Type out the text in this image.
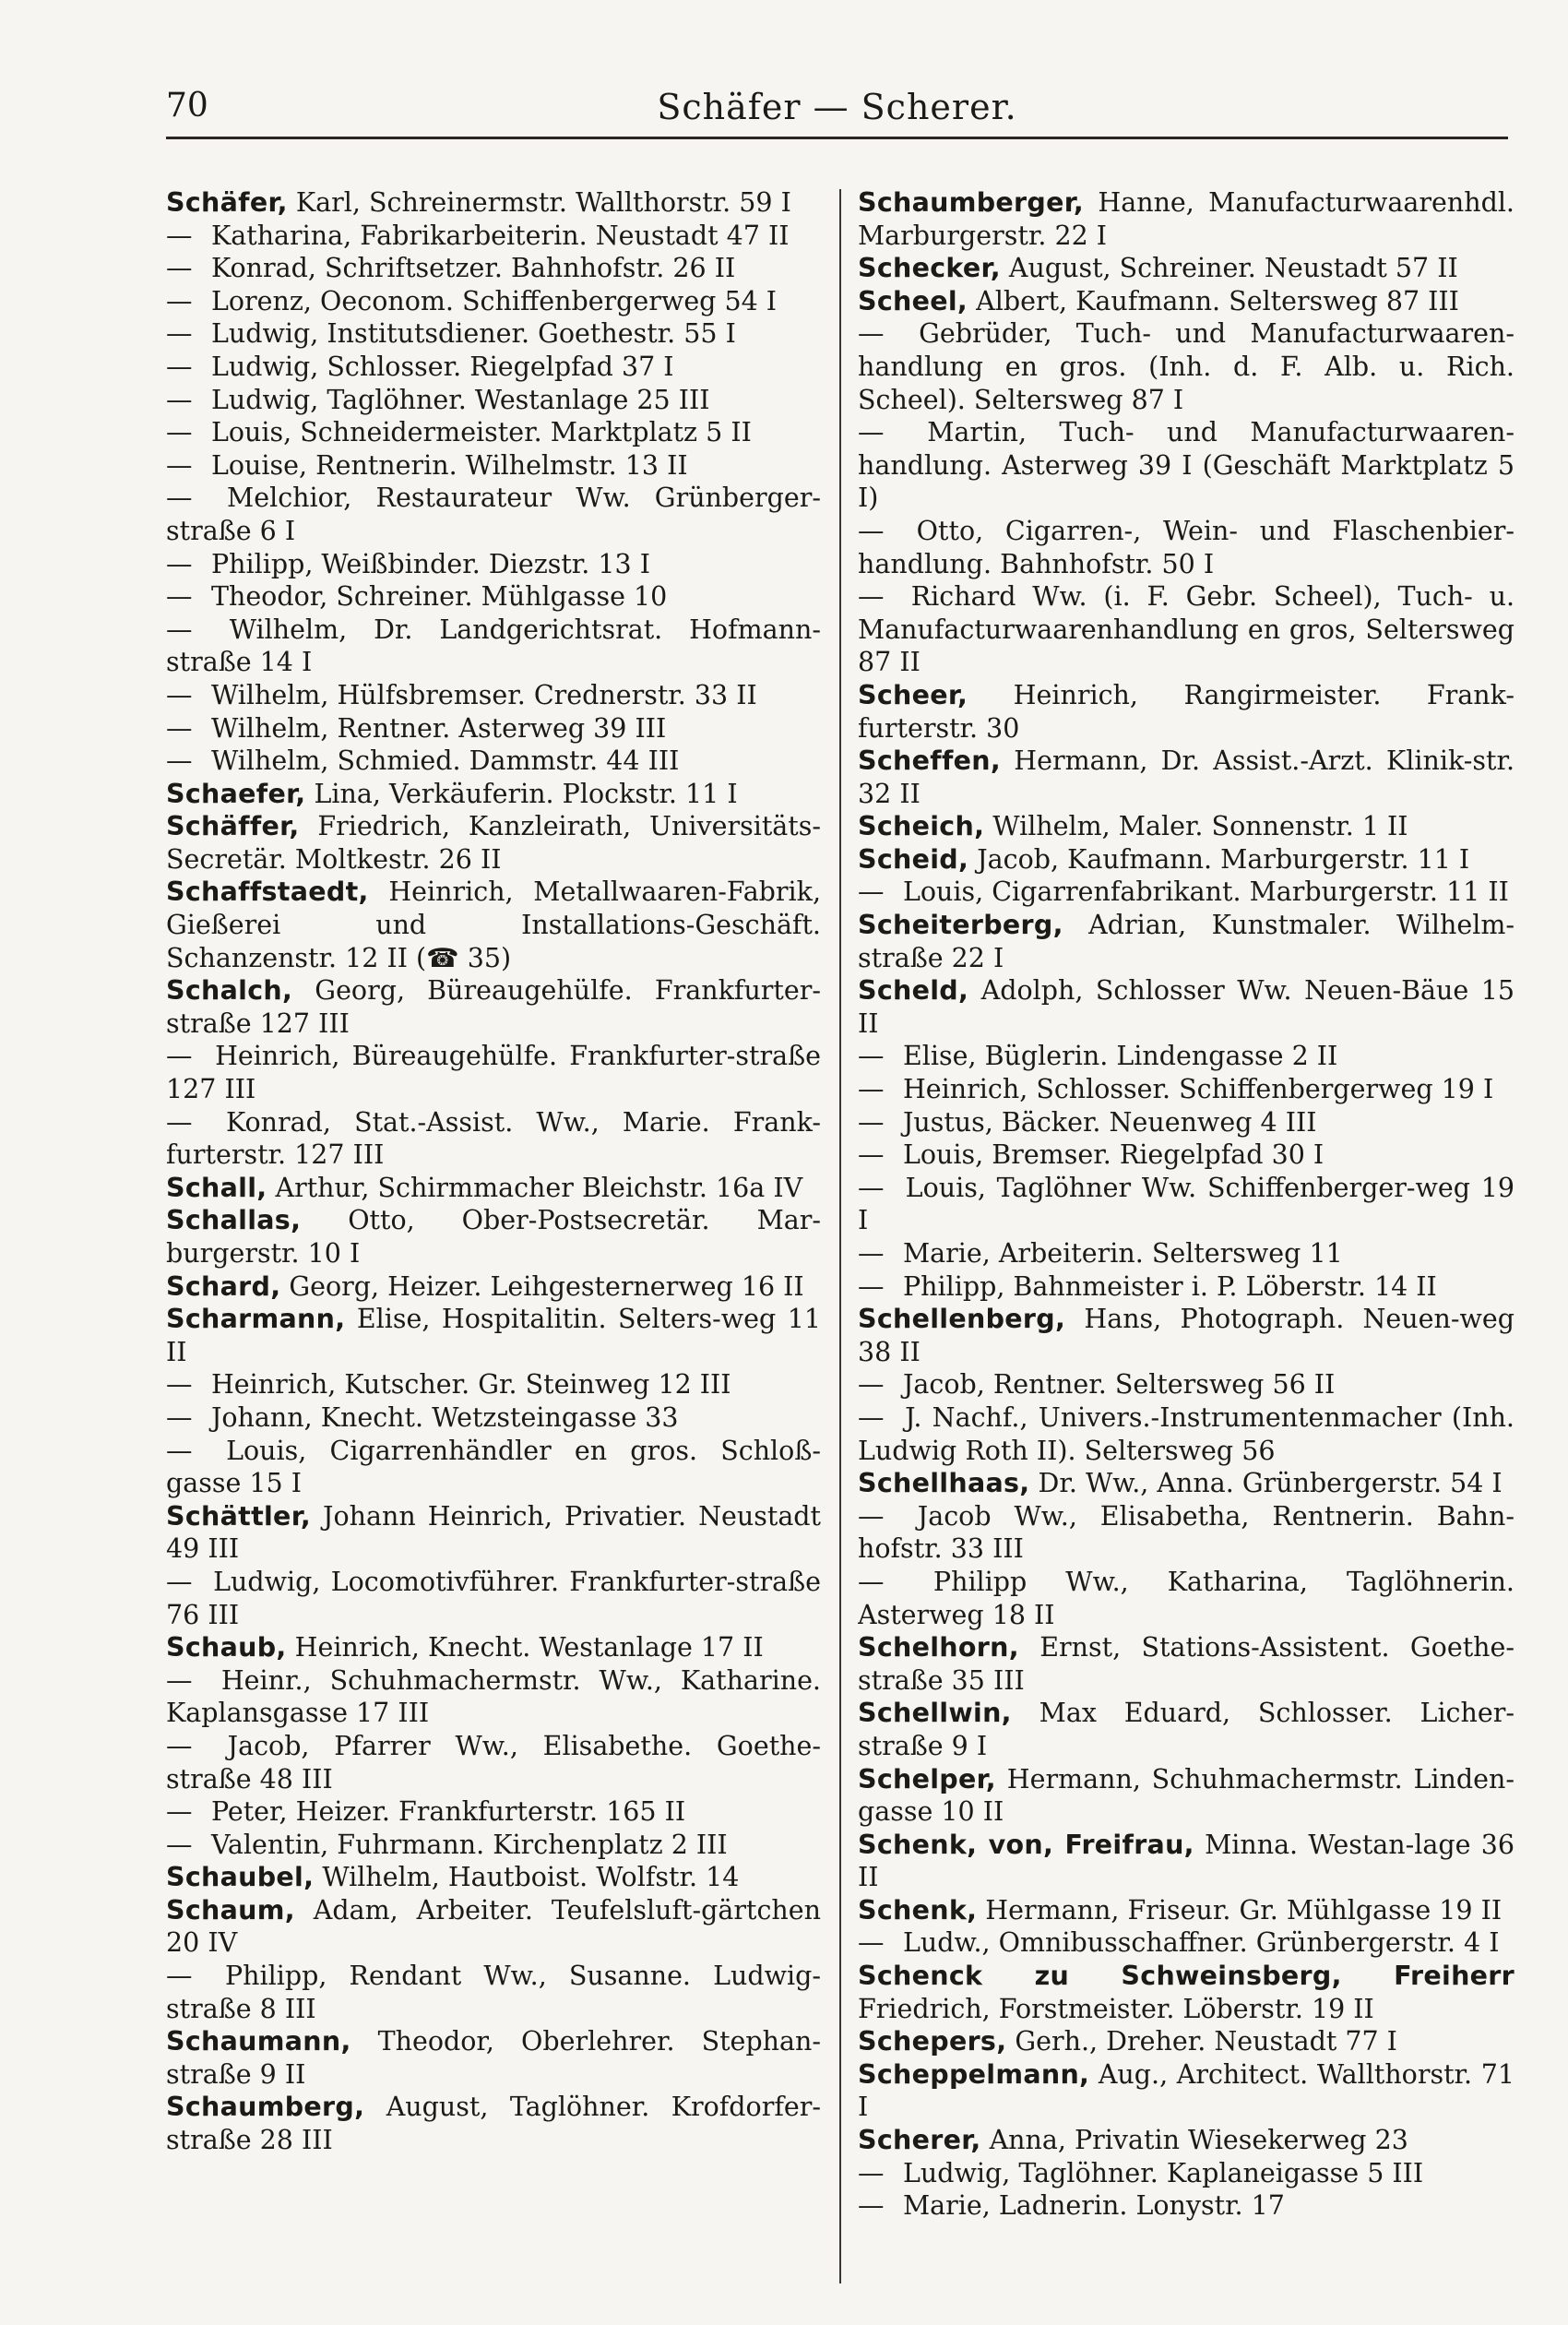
70	Schäfer — Scherer.

Schäfer, Karl, Schreinermstr. Wallthorstr. 59 I

— Katharina, Fabrikarbeiterin. Neustadt 47 II

— Konrad, Schriftsetzer. Bahnhofstr. 26 II

— Lorenz, Oeconom. Schiffenbergerweg 54 I

— Ludwig, Institutsdiener. Goethestr. 55 I

— Ludwig, Schlosser. Riegelpfad 37 I

— Ludwig, Taglöhner. Westanlage 25 III

— Louis, Schneidermeister. Marktplatz 5 II

— Louise, Rentnerin. Wilhelmstr. 13 II

— Melchior, Restaurateur Ww. Grünberger-straße 6 I

— Philipp, Weißbinder. Diezstr. 13 I

— Theodor, Schreiner. Mühlgasse 10

— Wilhelm, Dr. Landgerichtsrat. Hofmann-straße 14 I

— Wilhelm, Hülfsbremser. Crednerstr. 33 II

— Wilhelm, Rentner. Asterweg 39 III

— Wilhelm, Schmied. Dammstr. 44 III

Schaefer, Lina, Verkäuferin. Plockstr. 11 I

Schäffer, Friedrich, Kanzleirath, Universitäts-Secretär. Moltkestr. 26 II

Schaffstaedt, Heinrich, Metallwaaren-Fabrik, Gießerei und Installations-Geschäft. Schanzenstr. 12 II (☎ 35)

Schalch, Georg, Büreaugehülfe. Frankfurter-straße 127 III

— Heinrich, Büreaugehülfe. Frankfurter-straße 127 III

— Konrad, Stat.-Assist. Ww., Marie. Frank-furterstr. 127 III

Schall, Arthur, Schirmmacher Bleichstr. 16a IV

Schallas, Otto, Ober-Postsecretär. Mar-burgerstr. 10 I

Schard, Georg, Heizer. Leihgesternerweg 16 II

Scharmann, Elise, Hospitalitin. Selters-weg 11 II

— Heinrich, Kutscher. Gr. Steinweg 12 III

— Johann, Knecht. Wetzsteingasse 33

— Louis, Cigarrenhändler en gros. Schloß-gasse 15 I

Schättler, Johann Heinrich, Privatier. Neustadt 49 III

— Ludwig, Locomotivführer. Frankfurter-straße 76 III

Schaub, Heinrich, Knecht. Westanlage 17 II

— Heinr., Schuhmachermstr. Ww., Katharine. Kaplansgasse 17 III

— Jacob, Pfarrer Ww., Elisabethe. Goethe-straße 48 III

— Peter, Heizer. Frankfurterstr. 165 II

— Valentin, Fuhrmann. Kirchenplatz 2 III

Schaubel, Wilhelm, Hautboist. Wolfstr. 14

Schaum, Adam, Arbeiter. Teufelsluft-gärtchen 20 IV

— Philipp, Rendant Ww., Susanne. Ludwig-straße 8 III

Schaumann, Theodor, Oberlehrer. Stephan-straße 9 II

Schaumberg, August, Taglöhner. Krofdorfer-straße 28 III

Schaumberger, Hanne, Manufacturwaarenhdl. Marburgerstr. 22 I

Schecker, August, Schreiner. Neustadt 57 II

Scheel, Albert, Kaufmann. Seltersweg 87 III

— Gebrüder, Tuch- und Manufacturwaaren-handlung en gros. (Inh. d. F. Alb. u. Rich. Scheel). Seltersweg 87 I

— Martin, Tuch- und Manufacturwaaren-handlung. Asterweg 39 I (Geschäft Marktplatz 5 I)

— Otto, Cigarren-, Wein- und Flaschenbier-handlung. Bahnhofstr. 50 I

— Richard Ww. (i. F. Gebr. Scheel), Tuch- u. Manufacturwaarenhandlung en gros, Seltersweg 87 II

Scheer, Heinrich, Rangirmeister. Frank-furterstr. 30

Scheffen, Hermann, Dr. Assist.-Arzt. Klinik-str. 32 II

Scheich, Wilhelm, Maler. Sonnenstr. 1 II

Scheid, Jacob, Kaufmann. Marburgerstr. 11 I

— Louis, Cigarrenfabrikant. Marburgerstr. 11 II

Scheiterberg, Adrian, Kunstmaler. Wilhelm-straße 22 I

Scheld, Adolph, Schlosser Ww. Neuen-Bäue 15 II

— Elise, Büglerin. Lindengasse 2 II

— Heinrich, Schlosser. Schiffenbergerweg 19 I

— Justus, Bäcker. Neuenweg 4 III

— Louis, Bremser. Riegelpfad 30 I

— Louis, Taglöhner Ww. Schiffenberger-weg 19 I

— Marie, Arbeiterin. Seltersweg 11

— Philipp, Bahnmeister i. P. Löberstr. 14 II

Schellenberg, Hans, Photograph. Neuen-weg 38 II

— Jacob, Rentner. Seltersweg 56 II

— J. Nachf., Univers.-Instrumentenmacher (Inh. Ludwig Roth II). Seltersweg 56

Schellhaas, Dr. Ww., Anna. Grünbergerstr. 54 I

— Jacob Ww., Elisabetha, Rentnerin. Bahn-hofstr. 33 III

— Philipp Ww., Katharina, Taglöhnerin. Asterweg 18 II

Schelhorn, Ernst, Stations-Assistent. Goethe-straße 35 III

Schellwin, Max Eduard, Schlosser. Licher-straße 9 I

Schelper, Hermann, Schuhmachermstr. Linden-gasse 10 II

Schenk, von, Freifrau, Minna. Westan-lage 36 II

Schenk, Hermann, Friseur. Gr. Mühlgasse 19 II

— Ludw., Omnibusschaffner. Grünbergerstr. 4 I

Schenck zu Schweinsberg, Freiherr Friedrich, Forstmeister. Löberstr. 19 II

Schepers, Gerh., Dreher. Neustadt 77 I

Scheppelmann, Aug., Architect. Wallthorstr. 71 I

Scherer, Anna, Privatin Wiesekerweg 23

— Ludwig, Taglöhner. Kaplaneigasse 5 III

— Marie, Ladnerin. Lonystr. 17
